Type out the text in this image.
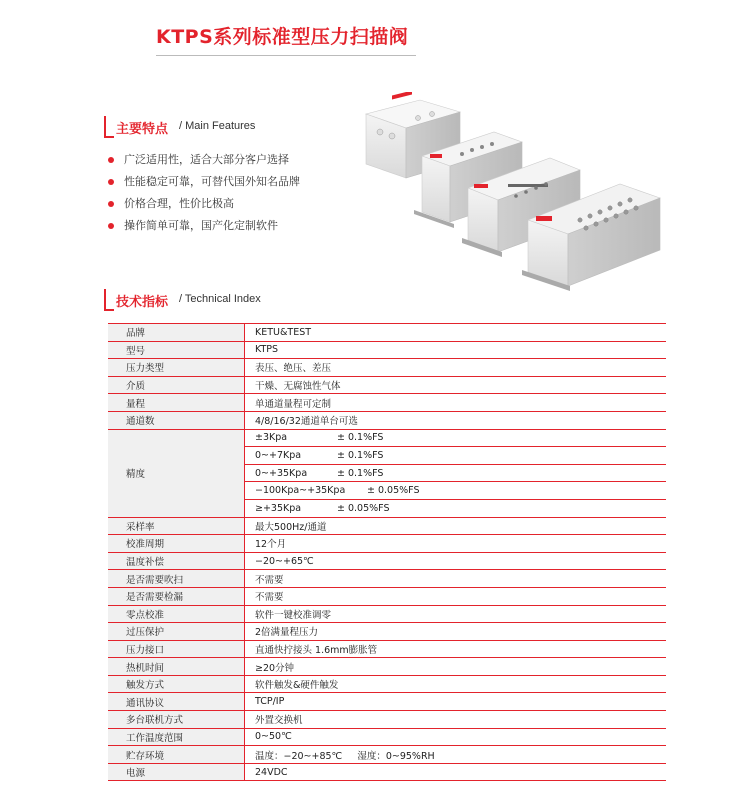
KTPS系列标准型压力扫描阀
主要特点 / Main Features
广泛适用性，适合大部分客户选择
性能稳定可靠，可替代国外知名品牌
价格合理，性价比极高
操作简单可靠，国产化定制软件
技术指标 / Technical Index
品牌	KETU&TEST
型号	KTPS
压力类型	表压、绝压、差压
介质	干燥、无腐蚀性气体
量程	单通道量程可定制
通道数	4/8/16/32通道单台可选
精度	±3Kpa ± 0.1%FS
	0~+7Kpa ± 0.1%FS
	0~+35Kpa ± 0.1%FS
	−100Kpa~+35Kpa ± 0.05%FS
	≥+35Kpa ± 0.05%FS
采样率	最大500Hz/通道
校准周期	12个月
温度补偿	−20~+65℃
是否需要吹扫	不需要
是否需要检漏	不需要
零点校准	软件一键校准调零
过压保护	2倍满量程压力
压力接口	直通快拧接头 1.6mm膨胀管
热机时间	≥20分钟
触发方式	软件触发&硬件触发
通讯协议	TCP/IP
多台联机方式	外置交换机
工作温度范围	0~50℃
贮存环境	温度：−20~+85℃     湿度：0~95%RH
电源	24VDC
